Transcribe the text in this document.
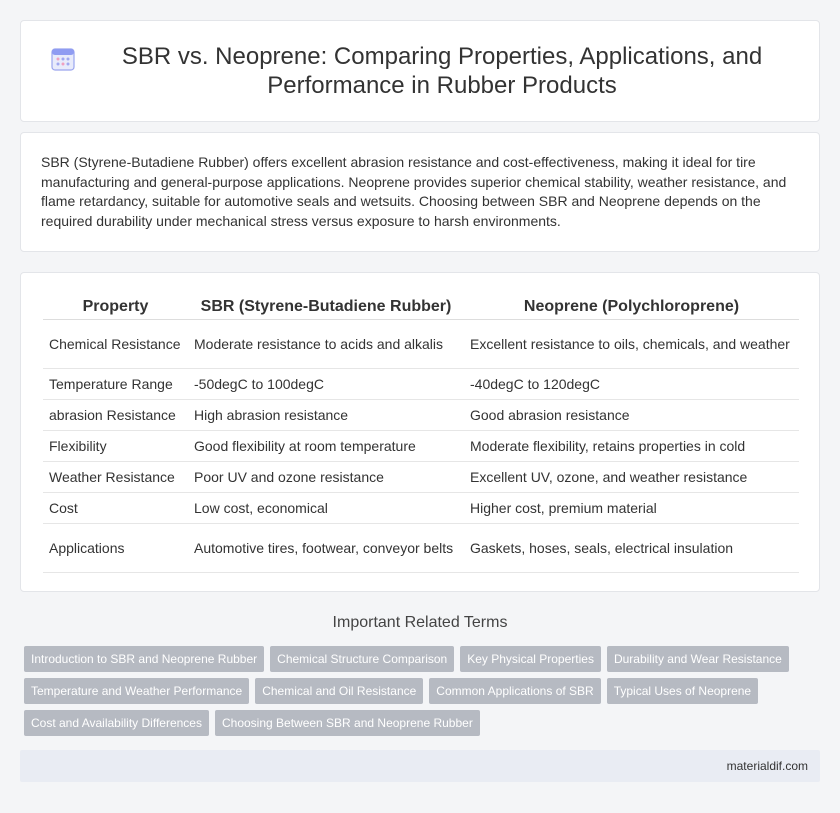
SBR vs. Neoprene: Comparing Properties, Applications, and Performance in Rubber Products

SBR (Styrene-Butadiene Rubber) offers excellent abrasion resistance and cost-effectiveness, making it ideal for tire manufacturing and general-purpose applications. Neoprene provides superior chemical stability, weather resistance, and flame retardancy, suitable for automotive seals and wetsuits. Choosing between SBR and Neoprene depends on the required durability under mechanical stress versus exposure to harsh environments.

Property	SBR (Styrene-Butadiene Rubber)	Neoprene (Polychloroprene)
Chemical Resistance	Moderate resistance to acids and alkalis	Excellent resistance to oils, chemicals, and weather
Temperature Range	-50degC to 100degC	-40degC to 120degC
abrasion Resistance	High abrasion resistance	Good abrasion resistance
Flexibility	Good flexibility at room temperature	Moderate flexibility, retains properties in cold
Weather Resistance	Poor UV and ozone resistance	Excellent UV, ozone, and weather resistance
Cost	Low cost, economical	Higher cost, premium material
Applications	Automotive tires, footwear, conveyor belts	Gaskets, hoses, seals, electrical insulation
Important Related Terms
Introduction to SBR and Neoprene Rubber	Chemical Structure Comparison	Key Physical Properties	Durability and Wear Resistance
Temperature and Weather Performance	Chemical and Oil Resistance	Common Applications of SBR	Typical Uses of Neoprene
Cost and Availability Differences	Choosing Between SBR and Neoprene Rubber
materialdif.com
